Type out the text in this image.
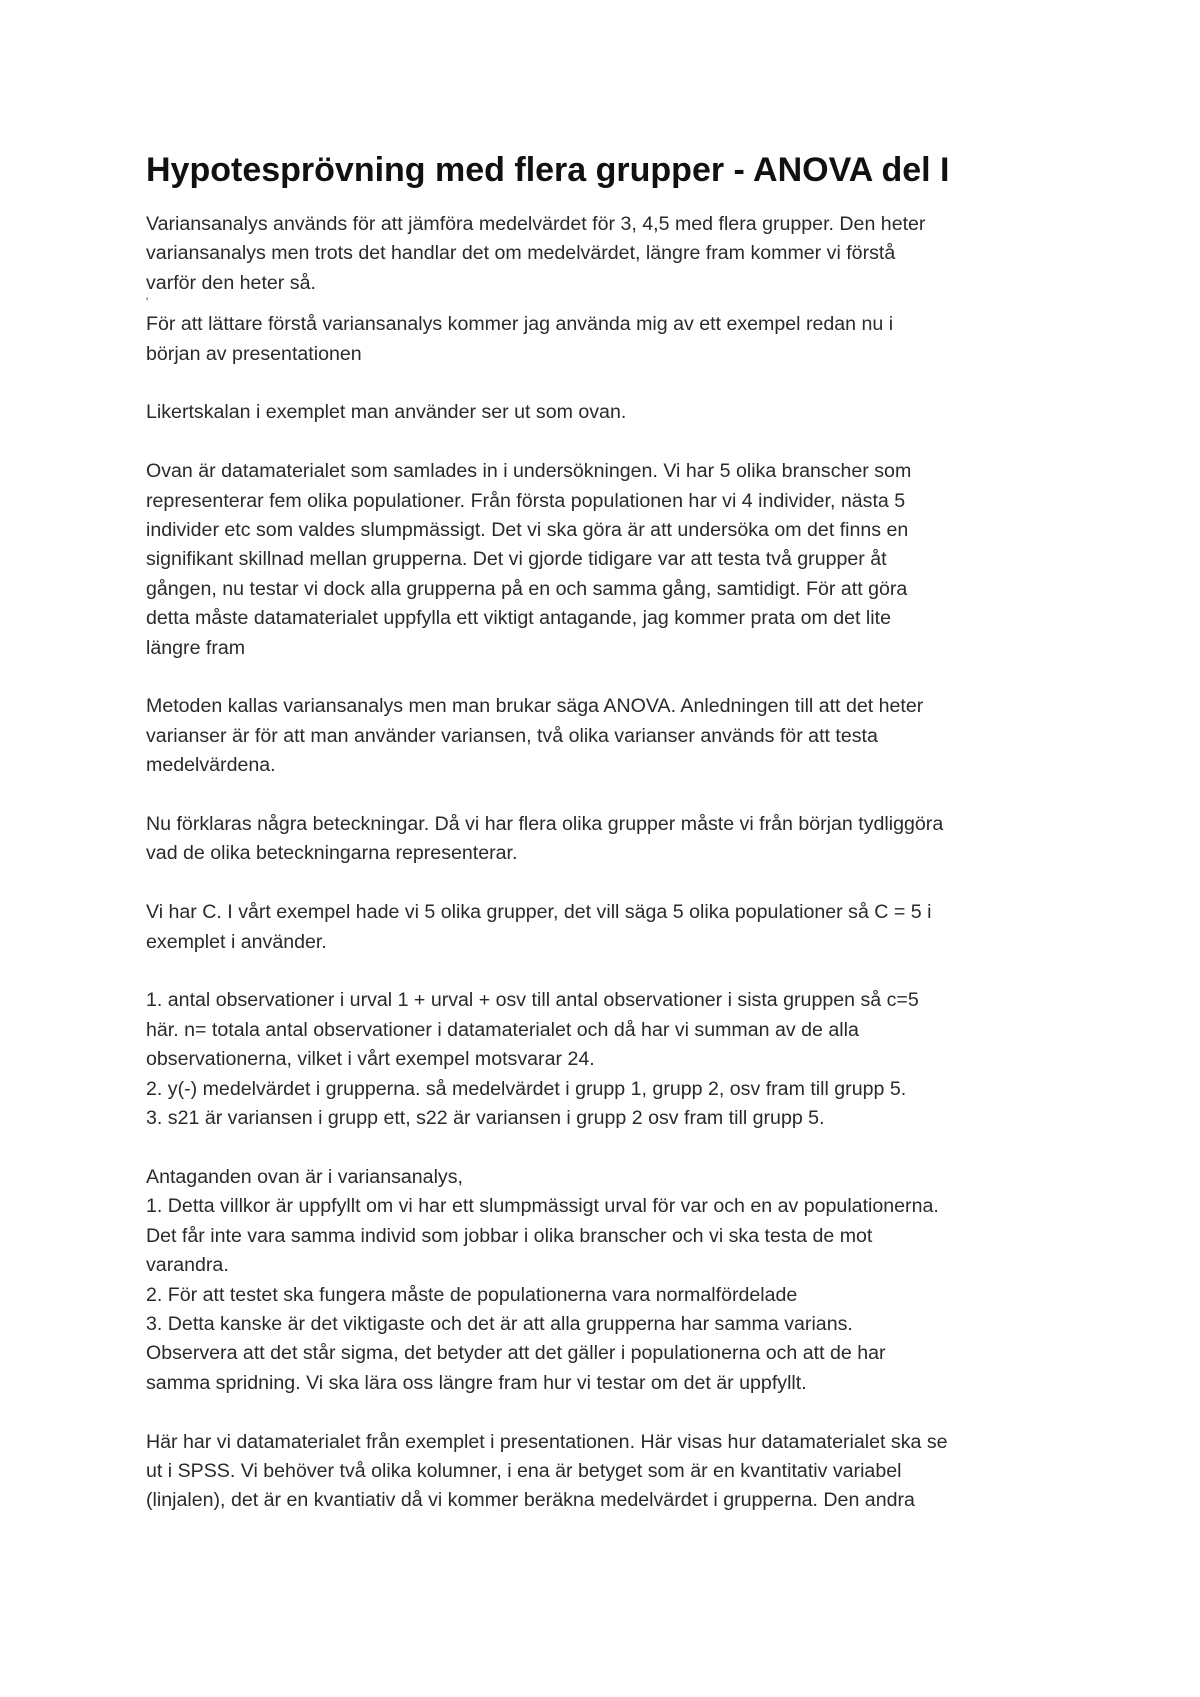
Hypotesprövning med flera grupper - ANOVA del I

Variansanalys används för att jämföra medelvärdet för 3, 4,5 med flera grupper. Den heter
variansanalys men trots det handlar det om medelvärdet, längre fram kommer vi förstå
varför den heter så.

'

För att lättare förstå variansanalys kommer jag använda mig av ett exempel redan nu i
början av presentationen

Likertskalan i exemplet man använder ser ut som ovan.

Ovan är datamaterialet som samlades in i undersökningen. Vi har 5 olika branscher som
representerar fem olika populationer. Från första populationen har vi 4 individer, nästa 5
individer etc som valdes slumpmässigt. Det vi ska göra är att undersöka om det finns en
signifikant skillnad mellan grupperna. Det vi gjorde tidigare var att testa två grupper åt
gången, nu testar vi dock alla grupperna på en och samma gång, samtidigt. För att göra
detta måste datamaterialet uppfylla ett viktigt antagande, jag kommer prata om det lite
längre fram

Metoden kallas variansanalys men man brukar säga ANOVA. Anledningen till att det heter
varianser är för att man använder variansen, två olika varianser används för att testa
medelvärdena.

Nu förklaras några beteckningar. Då vi har flera olika grupper måste vi från början tydliggöra
vad de olika beteckningarna representerar.

Vi har C. I vårt exempel hade vi 5 olika grupper, det vill säga 5 olika populationer så C = 5 i
exemplet i använder.

1. antal observationer i urval 1 + urval + osv till antal observationer i sista gruppen så c=5
här. n= totala antal observationer i datamaterialet och då har vi summan av de alla
observationerna, vilket i vårt exempel motsvarar 24.
2. y(-) medelvärdet i grupperna. så medelvärdet i grupp 1, grupp 2, osv fram till grupp 5.
3. s21 är variansen i grupp ett, s22 är variansen i grupp 2 osv fram till grupp 5.

Antaganden ovan är i variansanalys,
1. Detta villkor är uppfyllt om vi har ett slumpmässigt urval för var och en av populationerna.
Det får inte vara samma individ som jobbar i olika branscher och vi ska testa de mot
varandra.
2. För att testet ska fungera måste de populationerna vara normalfördelade
3. Detta kanske är det viktigaste och det är att alla grupperna har samma varians.
Observera att det står sigma, det betyder att det gäller i populationerna och att de har
samma spridning. Vi ska lära oss längre fram hur vi testar om det är uppfyllt.

Här har vi datamaterialet från exemplet i presentationen. Här visas hur datamaterialet ska se
ut i SPSS. Vi behöver två olika kolumner, i ena är betyget som är en kvantitativ variabel
(linjalen), det är en kvantiativ då vi kommer beräkna medelvärdet i grupperna. Den andra
